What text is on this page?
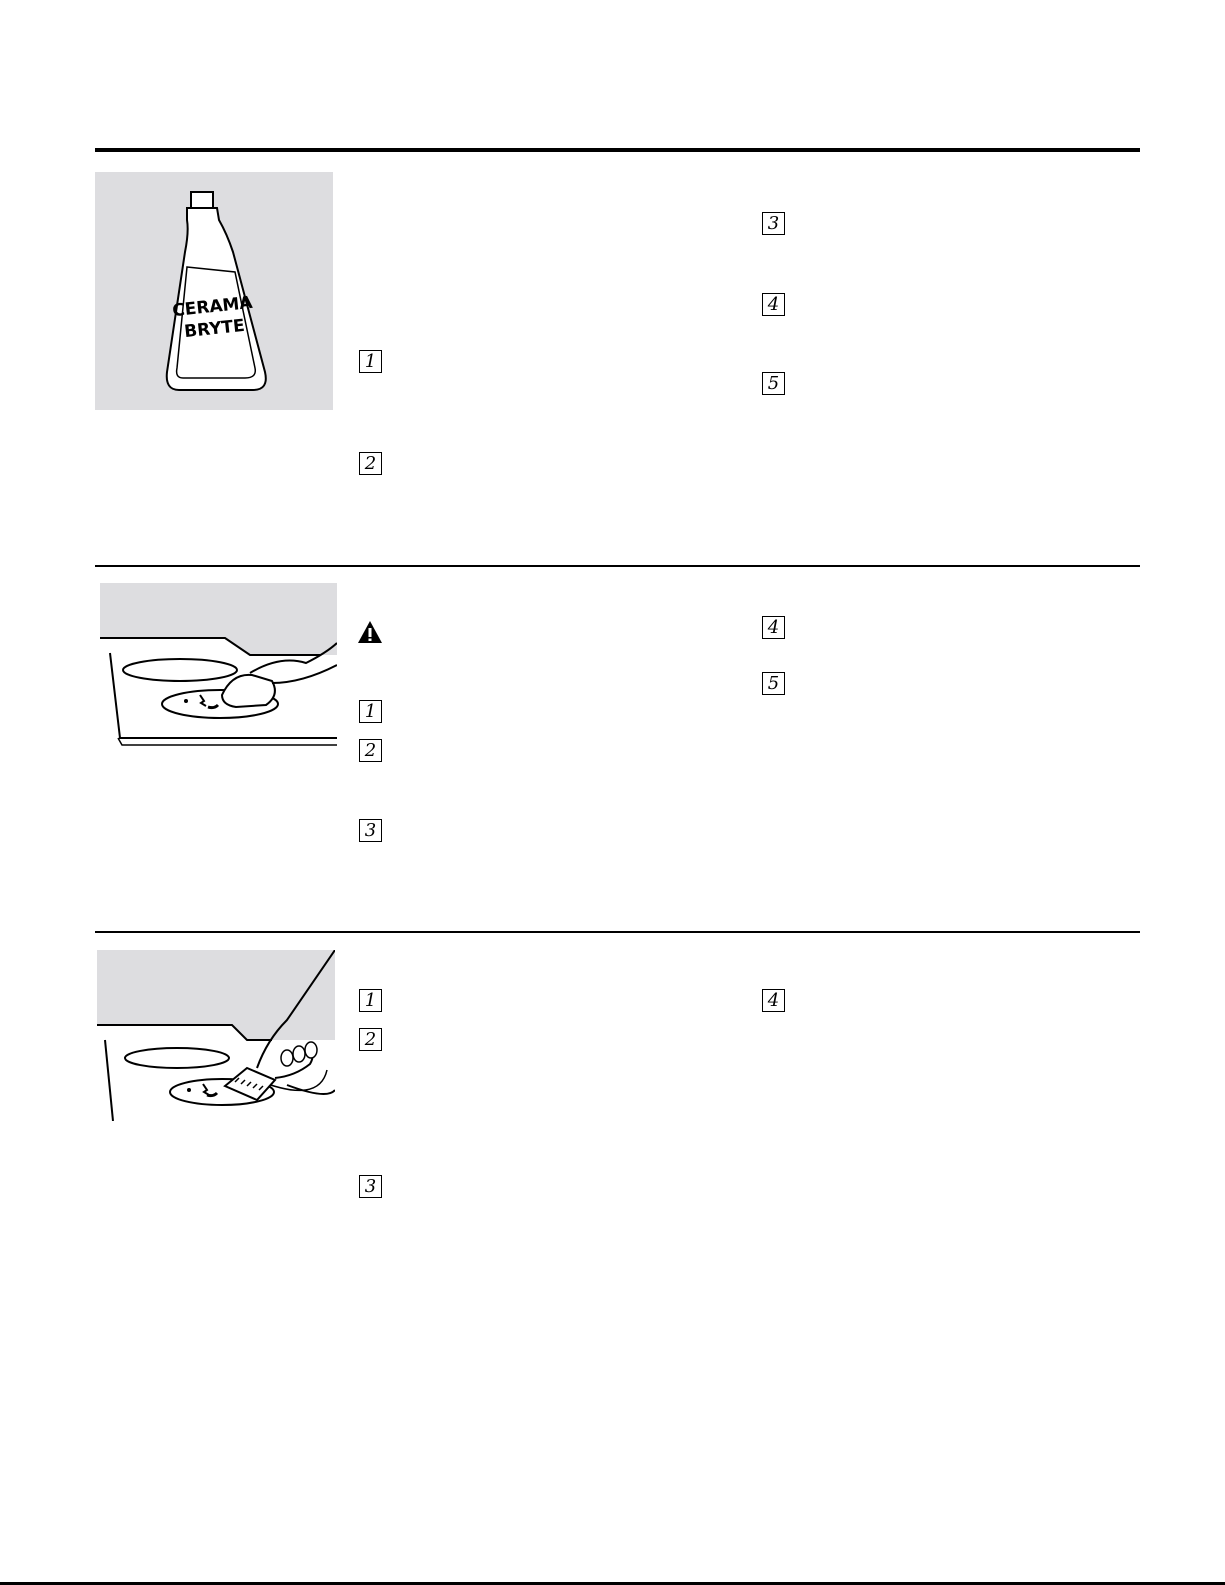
CERAMA
BRYTE
1
2
3
4
5
1
2
3
4
5
1
2
3
4
